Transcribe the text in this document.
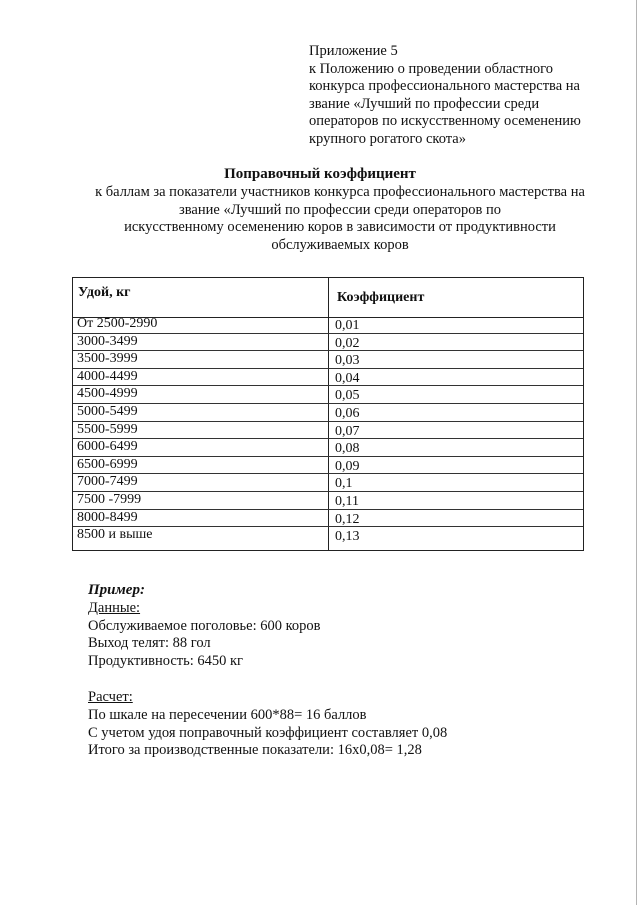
Приложение 5
к Положению о проведении областного
конкурса профессионального мастерства на
звание «Лучший по профессии среди
операторов по искусственному осеменению
крупного рогатого скота»
Поправочный коэффициент
к баллам за показатели участников конкурса профессионального мастерства на
звание «Лучший по профессии среди операторов по
искусственному осеменению коров в зависимости от продуктивности
обслуживаемых коров
Удой, кг	Коэффициент
От 2500-2990	0,01
3000-3499	0,02
3500-3999	0,03
4000-4499	0,04
4500-4999	0,05
5000-5499	0,06
5500-5999	0,07
6000-6499	0,08
6500-6999	0,09
7000-7499	0,1
7500 -7999	0,11
8000-8499	0,12
8500 и выше	0,13
Пример:
Данные:
Обслуживаемое поголовье: 600 коров
Выход телят: 88 гол
Продуктивность: 6450 кг
Расчет:
По шкале на пересечении 600*88= 16 баллов
С учетом удоя поправочный коэффициент составляет 0,08
Итого за производственные показатели: 16х0,08= 1,28
